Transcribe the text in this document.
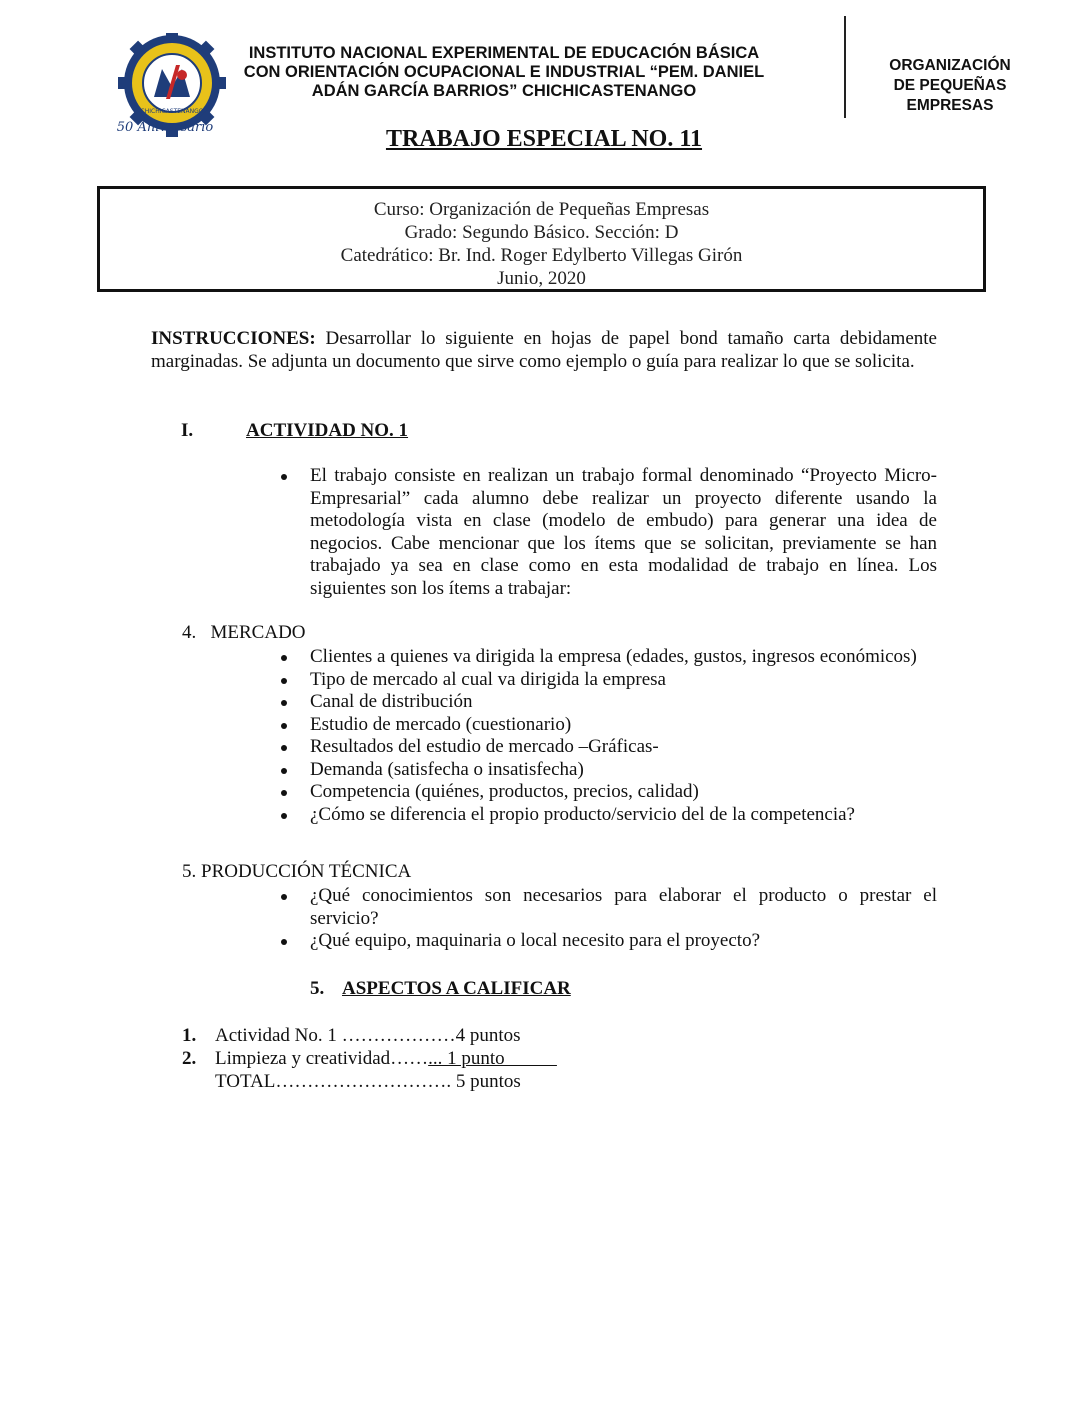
CHICHICASTENANGO
50 Aniversario
INSTITUTO NACIONAL EXPERIMENTAL DE EDUCACIÓN BÁSICA
CON ORIENTACIÓN OCUPACIONAL E INDUSTRIAL “PEM. DANIEL
ADÁN GARCÍA BARRIOS” CHICHICASTENANGO
ORGANIZACIÓN
DE PEQUEÑAS
EMPRESAS
TRABAJO ESPECIAL NO. 11
Curso: Organización de Pequeñas Empresas
Grado: Segundo Básico. Sección: D
Catedrático: Br. Ind. Roger Edylberto Villegas Girón
Junio, 2020
INSTRUCCIONES: Desarrollar lo siguiente en hojas de papel bond tamaño carta debidamente marginadas. Se adjunta un documento que sirve como ejemplo o guía para realizar lo que se solicita.
I.	ACTIVIDAD NO. 1
El trabajo consiste en realizan un trabajo formal denominado “Proyecto Micro- Empresarial” cada alumno debe realizar un proyecto diferente usando la metodología vista en clase (modelo de embudo) para generar una idea de negocios. Cabe mencionar que los ítems que se solicitan, previamente se han trabajado ya sea en clase como en esta modalidad de trabajo en línea. Los siguientes son los ítems a trabajar:
4.   MERCADO
Clientes a quienes va dirigida la empresa (edades, gustos, ingresos económicos)
Tipo de mercado al cual va dirigida la empresa
Canal de distribución
Estudio de mercado (cuestionario)
Resultados del estudio de mercado –Gráficas-
Demanda (satisfecha o insatisfecha)
Competencia (quiénes, productos, precios, calidad)
¿Cómo se diferencia el propio producto/servicio del de la competencia?
5. PRODUCCIÓN TÉCNICA
¿Qué conocimientos son necesarios para elaborar el producto o prestar el servicio?
¿Qué equipo, maquinaria o local necesito para el proyecto?
5. ASPECTOS A CALIFICAR
1. Actividad No. 1 ………………4 puntos
2. Limpieza y creatividad……... 1 punto
TOTAL………………………. 5 puntos
